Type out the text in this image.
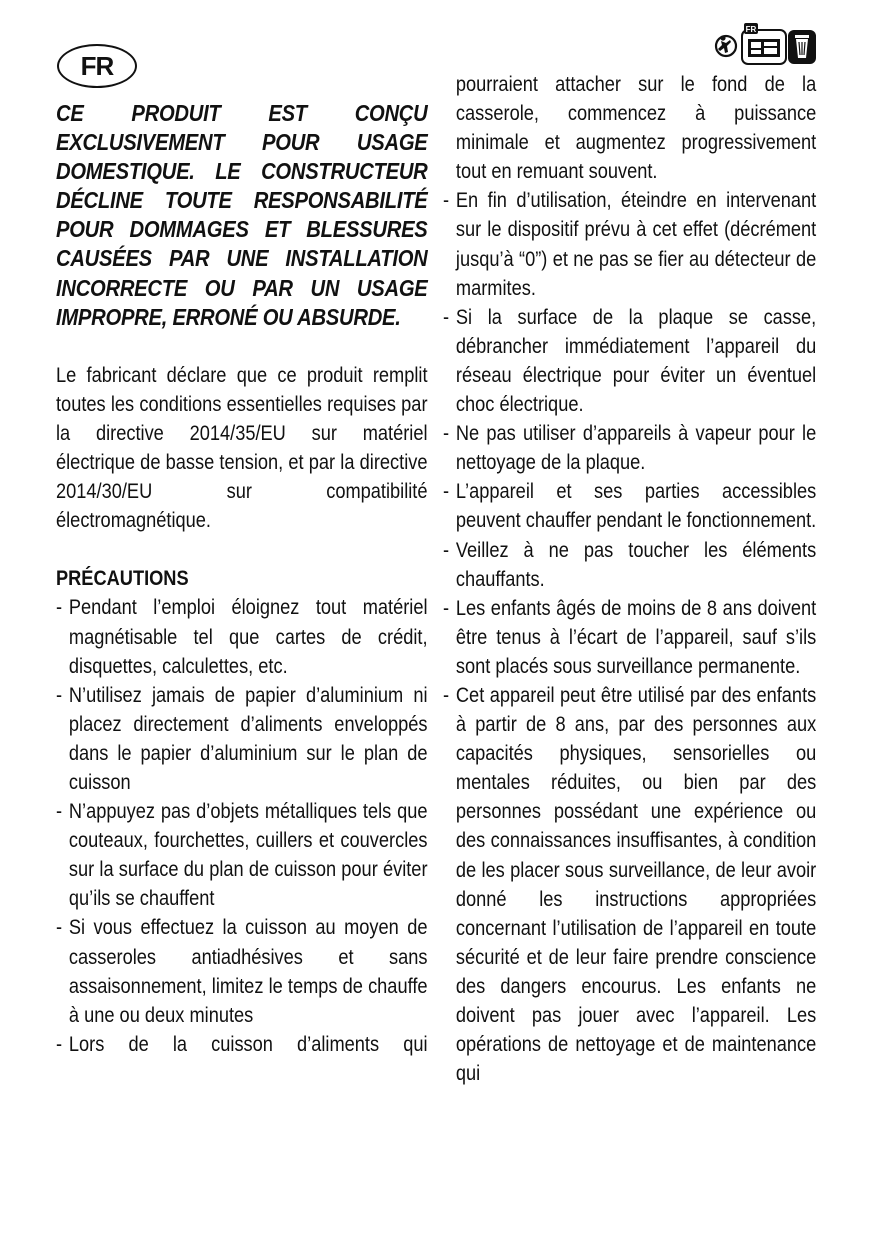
FR
FR

CE PRODUIT EST CONÇU EXCLUSIVEMENT POUR USAGE DOMESTIQUE. LE CONSTRUCTEUR DÉCLINE TOUTE RESPONSABILITÉ POUR DOMMAGES ET BLESSURES CAUSÉES PAR UNE INSTALLATION INCORRECTE OU PAR UN USAGE IMPROPRE, ERRONÉ OU ABSURDE.

Le fabricant déclare que ce produit remplit toutes les conditions essentielles requises par la directive 2014/35/EU sur matériel électrique de basse tension, et par la directive 2014/30/EU sur compatibilité électromagnétique.

PRÉCAUTIONS

- Pendant l’emploi éloignez tout matériel magnétisable tel que cartes de crédit, disquettes, calculettes, etc.
- N’utilisez jamais de papier d’aluminium ni placez directement d’aliments enveloppés dans le papier d’aluminium sur le plan de cuisson
- N’appuyez pas d’objets métalliques tels que couteaux, fourchettes, cuillers et couvercles sur la surface du plan de cuisson pour éviter qu’ils se chauffent
- Si vous effectuez la cuisson au moyen de casseroles antiadhésives et sans assaisonnement, limitez le temps de chauffe à une ou deux minutes
- Lors de la cuisson d’aliments qui
pourraient attacher sur le fond de la casserole, commencez à puissance minimale et augmentez progressivement tout en remuant souvent.
- En fin d’utilisation, éteindre en intervenant sur le dispositif prévu à cet effet (décrément jusqu’à “0”) et ne pas se fier au détecteur de marmites.
- Si la surface de la plaque se casse, débrancher immédiatement l’appareil du réseau électrique pour éviter un éventuel choc électrique.
- Ne pas utiliser d’appareils à vapeur pour le nettoyage de la plaque.
- L’appareil et ses parties accessibles peuvent chauffer pendant le fonctionnement.
- Veillez à ne pas toucher les éléments chauffants.
- Les enfants âgés de moins de 8 ans doivent être tenus à l’écart de l’appareil, sauf s’ils sont placés sous surveillance permanente.
- Cet appareil peut être utilisé par des enfants à partir de 8 ans, par des personnes aux capacités physiques, sensorielles ou mentales réduites, ou bien par des personnes possédant une expérience ou des connaissances insuffisantes, à condition de les placer sous surveillance, de leur avoir donné les instructions appropriées concernant l’utilisation de l’appareil en toute sécurité et de leur faire prendre conscience des dangers encourus. Les enfants ne doivent pas jouer avec l’appareil. Les opérations de nettoyage et de maintenance qui
